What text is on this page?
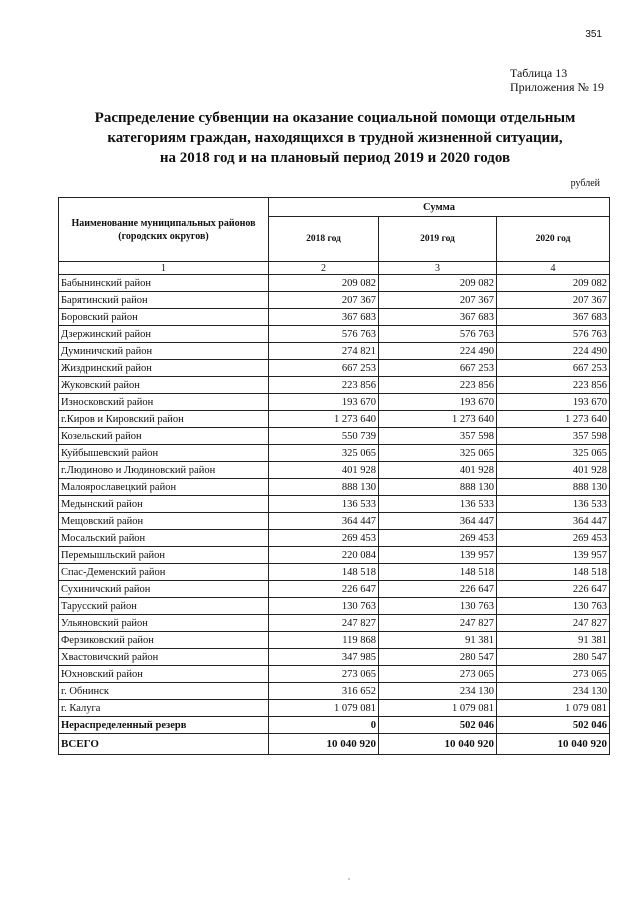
351
Таблица 13
Приложения № 19
Распределение субвенции на оказание социальной помощи отдельным
категориям граждан, находящихся в трудной жизненной ситуации,
на 2018 год и на плановый период 2019 и 2020 годов
рублей
Наименование муниципальных районов (городских округов)	Сумма		
	2018 год	2019 год	2020 год
1	2	3	4
Бабынинский район	209 082	209 082	209 082
Барятинский район	207 367	207 367	207 367
Боровский район	367 683	367 683	367 683
Дзержинский район	576 763	576 763	576 763
Думиничский район	274 821	224 490	224 490
Жиздринский район	667 253	667 253	667 253
Жуковский район	223 856	223 856	223 856
Износковский район	193 670	193 670	193 670
г.Киров и Кировский район	1 273 640	1 273 640	1 273 640
Козельский район	550 739	357 598	357 598
Куйбышевский район	325 065	325 065	325 065
г.Людиново и Людиновский район	401 928	401 928	401 928
Малоярославецкий район	888 130	888 130	888 130
Медынский район	136 533	136 533	136 533
Мещовский район	364 447	364 447	364 447
Мосальский район	269 453	269 453	269 453
Перемышльский район	220 084	139 957	139 957
Спас-Деменский район	148 518	148 518	148 518
Сухиничский район	226 647	226 647	226 647
Тарусский район	130 763	130 763	130 763
Ульяновский район	247 827	247 827	247 827
Ферзиковский район	119 868	91 381	91 381
Хвастовичский район	347 985	280 547	280 547
Юхновский район	273 065	273 065	273 065
г. Обнинск	316 652	234 130	234 130
г. Калуга	1 079 081	1 079 081	1 079 081
Нераспределенный резерв	0	502 046	502 046
ВСЕГО	10 040 920	10 040 920	10 040 920
